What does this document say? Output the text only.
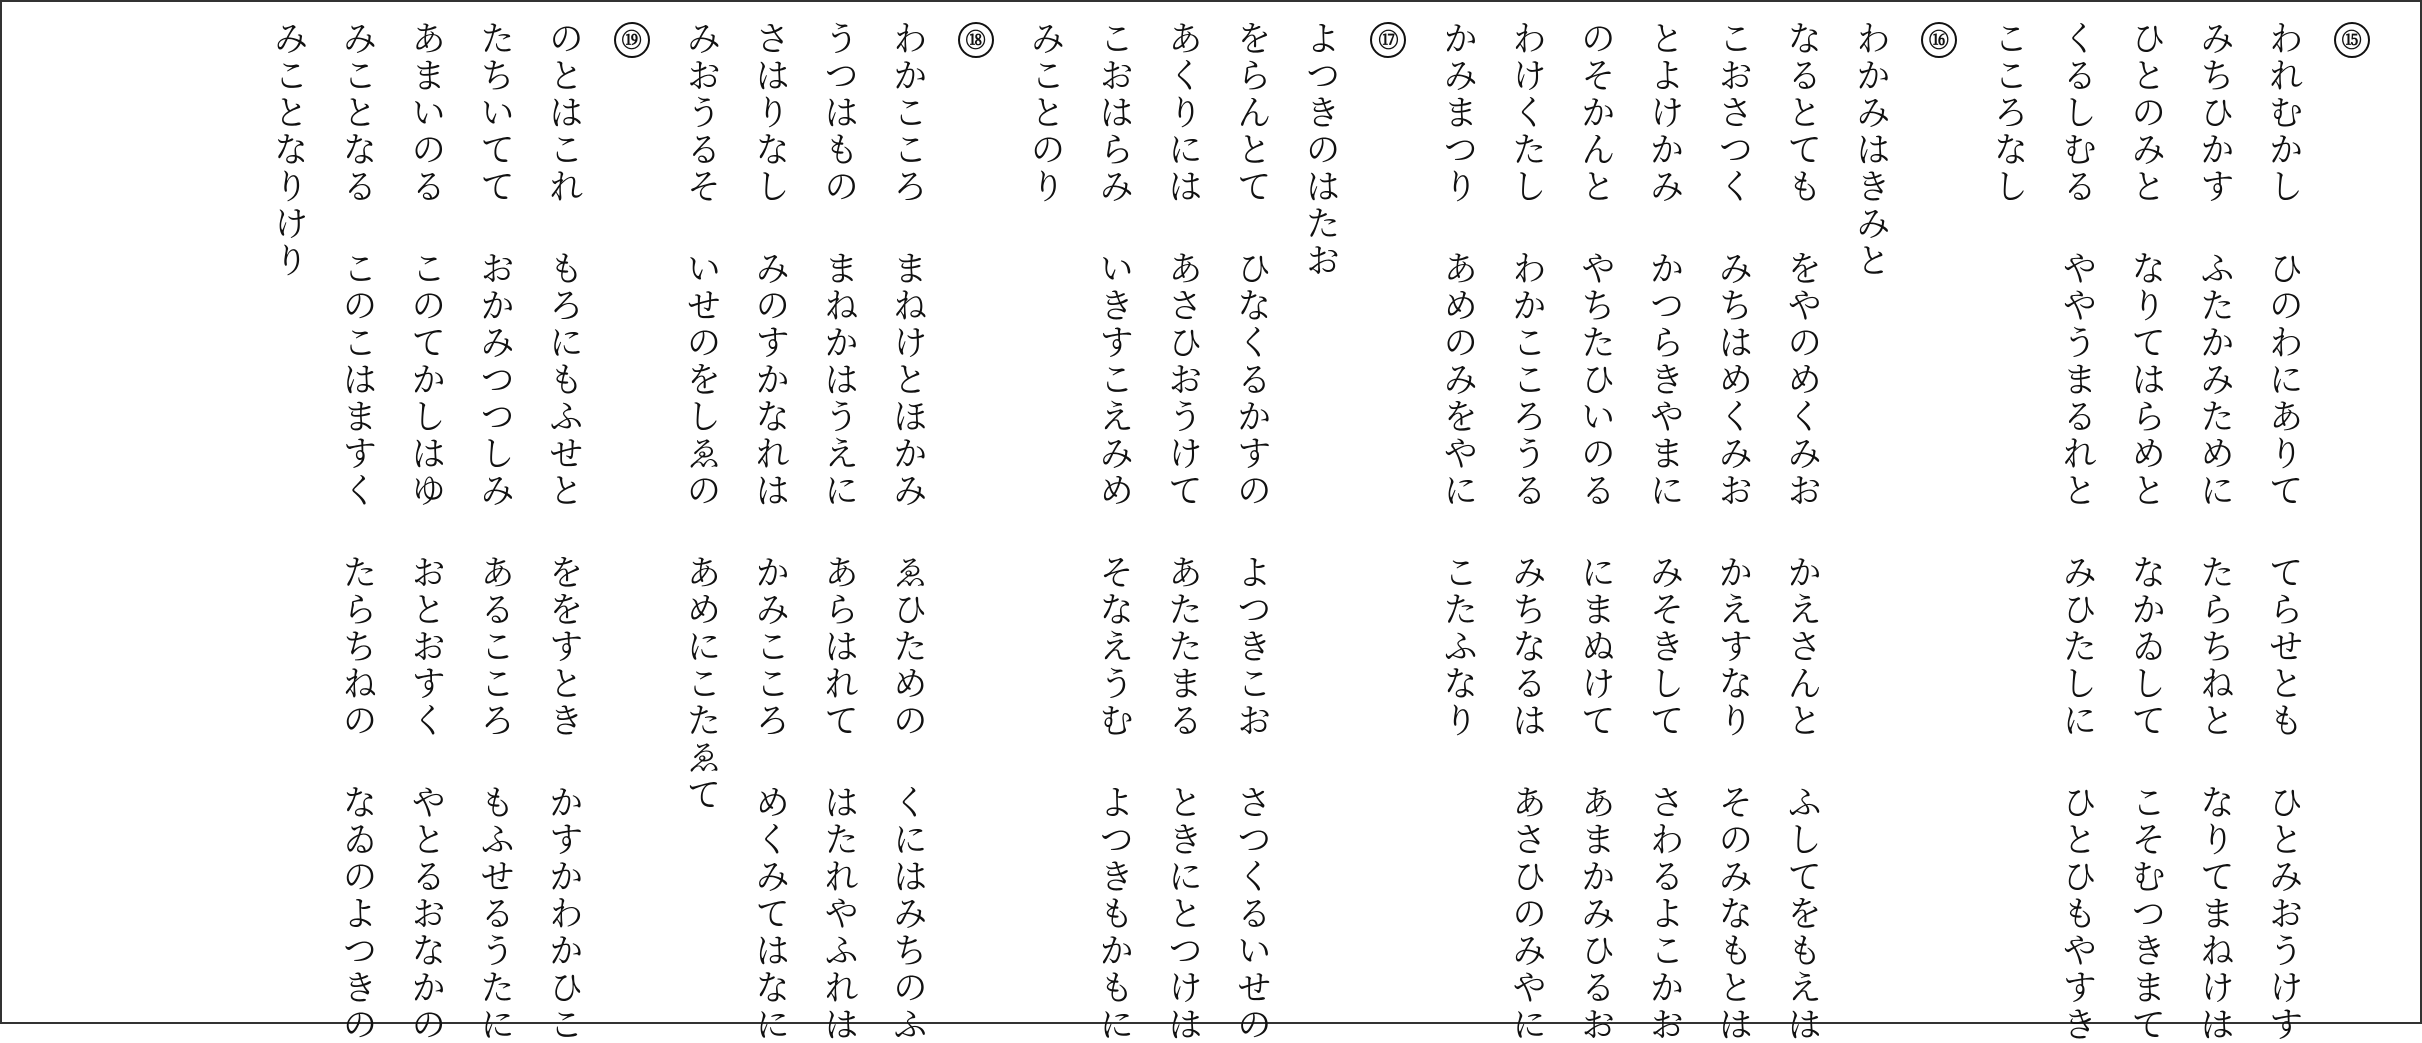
⑮
われむかしひのわにありててらせともひとみおうけす
みちひかすふたかみためにたらちねとなりてまねけは
ひとのみとなりてはらめとなかゐしてこそむつきまて
くるしむるややうまるれとみひたしにひとひもやすき
こころなし
⑯
わかみはきみと
なるとてもをやのめくみおかえさんとふしてをもえは
こおさつくみちはめくみおかえすなりそのみなもとは
とよけかみかつらきやまにみそきしてさわるよこかお
のそかんとやちたひいのるにまぬけてあまかみひるお
わけくたしわかこころうるみちなるはあさひのみやに
かみまつりあめのみをやにこたふなり
⑰
よつきのはたお
をらんとてひなくるかすのよつきこおさつくるいせの
あくりにはあさひおうけてあたたまるときにとつけは
こおはらみいきすこえみめそなえうむよつきもかもに
みことのり
⑱
わかこころまねけとほかみゑひためのくにはみちのふ
うつはものまねかはうえにあらはれてはたれやふれは
さはりなしみのすかなれはかみこころめくみてはなに
みおうるそいせのをしゑのあめにこたゑて
⑲
のとはこれもろにもふせとををすときかすかわかひこ
たちいてておかみつつしみあるこころもふせるうたに
あまいのるこのてかしはゆおとおすくやとるおなかの
みことなるこのこはますくたらちねのなゐのよつきの
みことなりけり
